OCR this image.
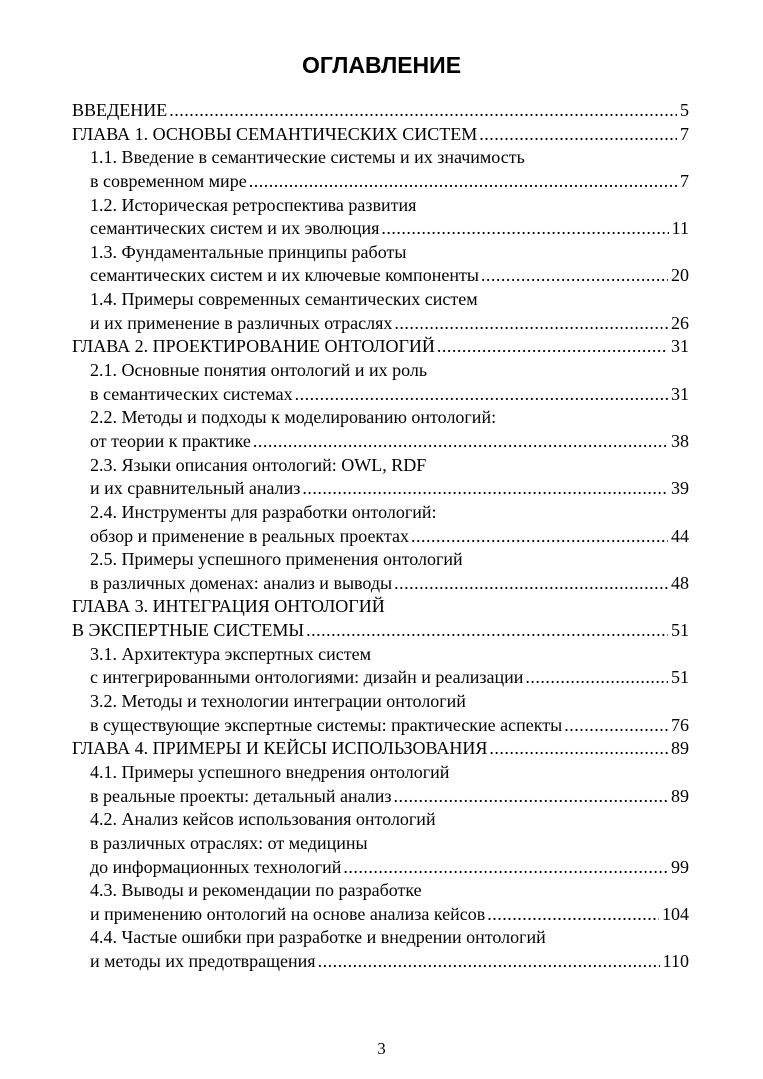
ОГЛАВЛЕНИЕ
ВВЕДЕНИЕ .....	5
ГЛАВА 1. ОСНОВЫ СЕМАНТИЧЕСКИХ СИСТЕМ .....	7
1.1. Введение в семантические системы и их значимость
в современном мире .....	7
1.2. Историческая ретроспектива развития
семантических систем и их эволюция .....	11
1.3. Фундаментальные принципы работы
семантических систем и их ключевые компоненты .....	20
1.4. Примеры современных семантических систем
и их применение в различных отраслях .....	26
ГЛАВА 2. ПРОЕКТИРОВАНИЕ ОНТОЛОГИЙ .....	31
2.1. Основные понятия онтологий и их роль
в семантических системах .....	31
2.2. Методы и подходы к моделированию онтологий:
от теории к практике .....	38
2.3. Языки описания онтологий: OWL, RDF
и их сравнительный анализ .....	39
2.4. Инструменты для разработки онтологий:
обзор и применение в реальных проектах .....	44
2.5. Примеры успешного применения онтологий
в различных доменах: анализ и выводы .....	48
ГЛАВА 3. ИНТЕГРАЦИЯ ОНТОЛОГИЙ
В ЭКСПЕРТНЫЕ СИСТЕМЫ .....	51
3.1. Архитектура экспертных систем
с интегрированными онтологиями: дизайн и реализации .....	51
3.2. Методы и технологии интеграции онтологий
в существующие экспертные системы: практические аспекты .....	76
ГЛАВА 4. ПРИМЕРЫ И КЕЙСЫ ИСПОЛЬЗОВАНИЯ .....	89
4.1. Примеры успешного внедрения онтологий
в реальные проекты: детальный анализ .....	89
4.2. Анализ кейсов использования онтологий
в различных отраслях: от медицины
до информационных технологий .....	99
4.3. Выводы и рекомендации по разработке
и применению онтологий на основе анализа кейсов .....	104
4.4. Частые ошибки при разработке и внедрении онтологий
и методы их предотвращения .....	110
3
